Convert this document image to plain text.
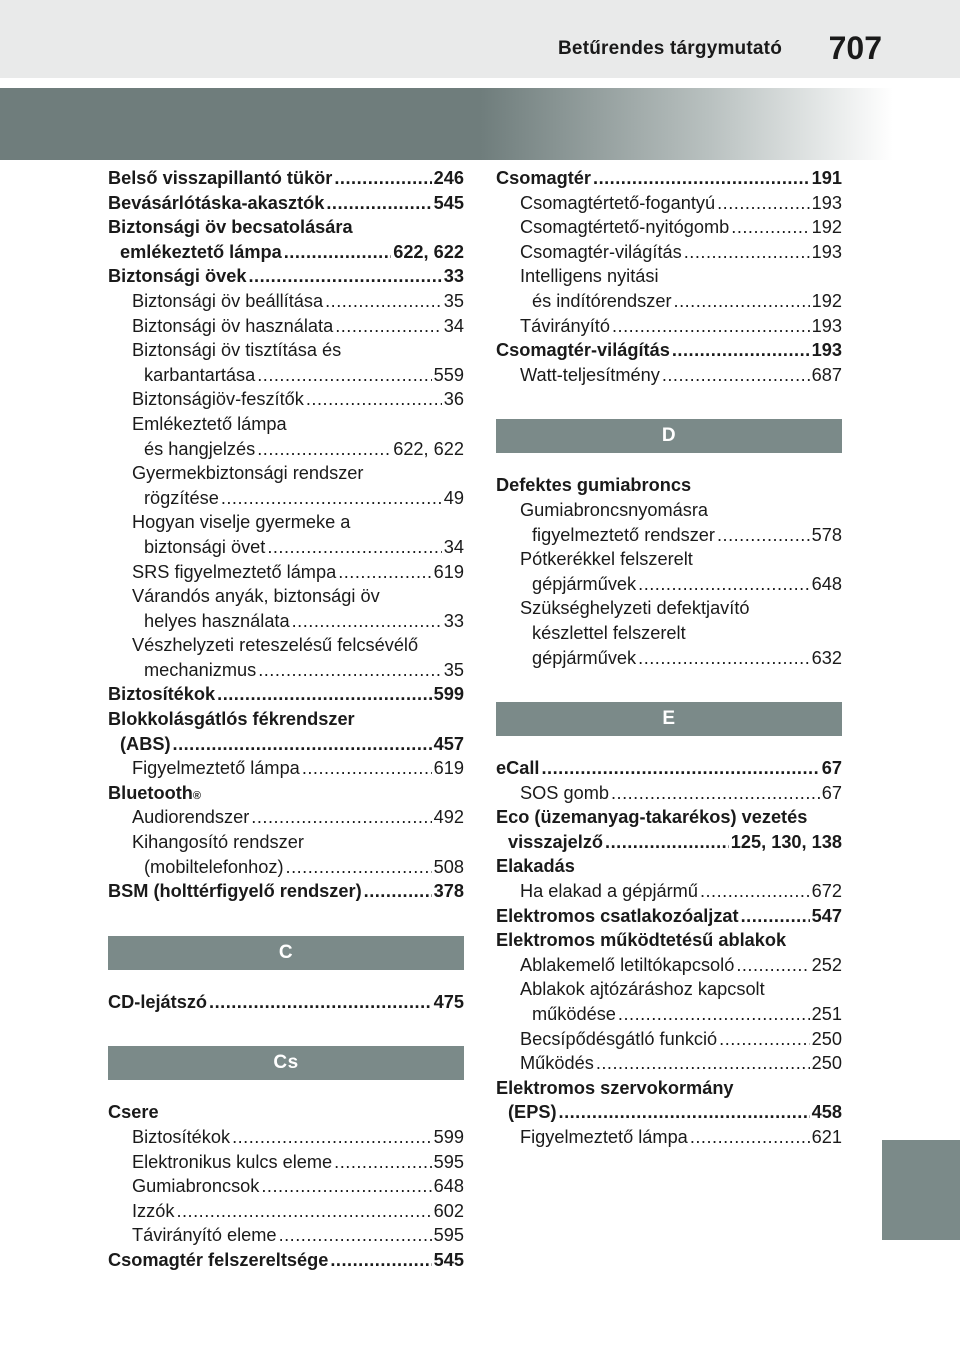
Betűrendes tárgymutató 707
Belső visszapillantó tükör .....	246
Bevásárlótáska-akasztók .....	545
Biztonsági öv becsatolására
emlékeztető lámpa .....	622, 622
Biztonsági övek .....	33
Biztonsági öv beállítása .....	35
Biztonsági öv használata .....	34
Biztonsági öv tisztítása és
karbantartása .....	559
Biztonságiöv-feszítők .....	36
Emlékeztető lámpa
és hangjelzés .....	622, 622
Gyermekbiztonsági rendszer
rögzítése .....	49
Hogyan viselje gyermeke a
biztonsági övet .....	34
SRS figyelmeztető lámpa .....	619
Várandós anyák, biztonsági öv
helyes használata .....	33
Vészhelyzeti reteszelésű felcsévélő
mechanizmus .....	35
Biztosítékok .....	599
Blokkolásgátlós fékrendszer
(ABS) .....	457
Figyelmeztető lámpa .....	619
Bluetooth ®
Audiorendszer .....	492
Kihangosító rendszer
(mobiltelefonhoz) .....	508
BSM (holttérfigyelő rendszer) .....	378
C
CD-lejátszó .....	475
Cs
Csere
Biztosítékok .....	599
Elektronikus kulcs eleme .....	595
Gumiabroncsok .....	648
Izzók .....	602
Távirányító eleme .....	595
Csomagtér felszereltsége .....	545
Csomagtér .....	191
Csomagtértető-fogantyú .....	193
Csomagtértető-nyitógomb .....	192
Csomagtér-világítás .....	193
Intelligens nyitási
és indítórendszer .....	192
Távirányító .....	193
Csomagtér-világítás .....	193
Watt-teljesítmény .....	687
D
Defektes gumiabroncs
Gumiabroncsnyomásra
figyelmeztető rendszer .....	578
Pótkerékkel felszerelt
gépjárművek .....	648
Szükséghelyzeti defektjavító
készlettel felszerelt
gépjárművek .....	632
E
eCall .....	67
SOS gomb .....	67
Eco (üzemanyag-takarékos) vezetés
visszajelző .....	125, 130, 138
Elakadás
Ha elakad a gépjármű .....	672
Elektromos csatlakozóaljzat .....	547
Elektromos működtetésű ablakok
Ablakemelő letiltókapcsoló .....	252
Ablakok ajtózáráshoz kapcsolt
működése .....	251
Becsípődésgátló funkció .....	250
Működés .....	250
Elektromos szervokormány
(EPS) .....	458
Figyelmeztető lámpa .....	621
